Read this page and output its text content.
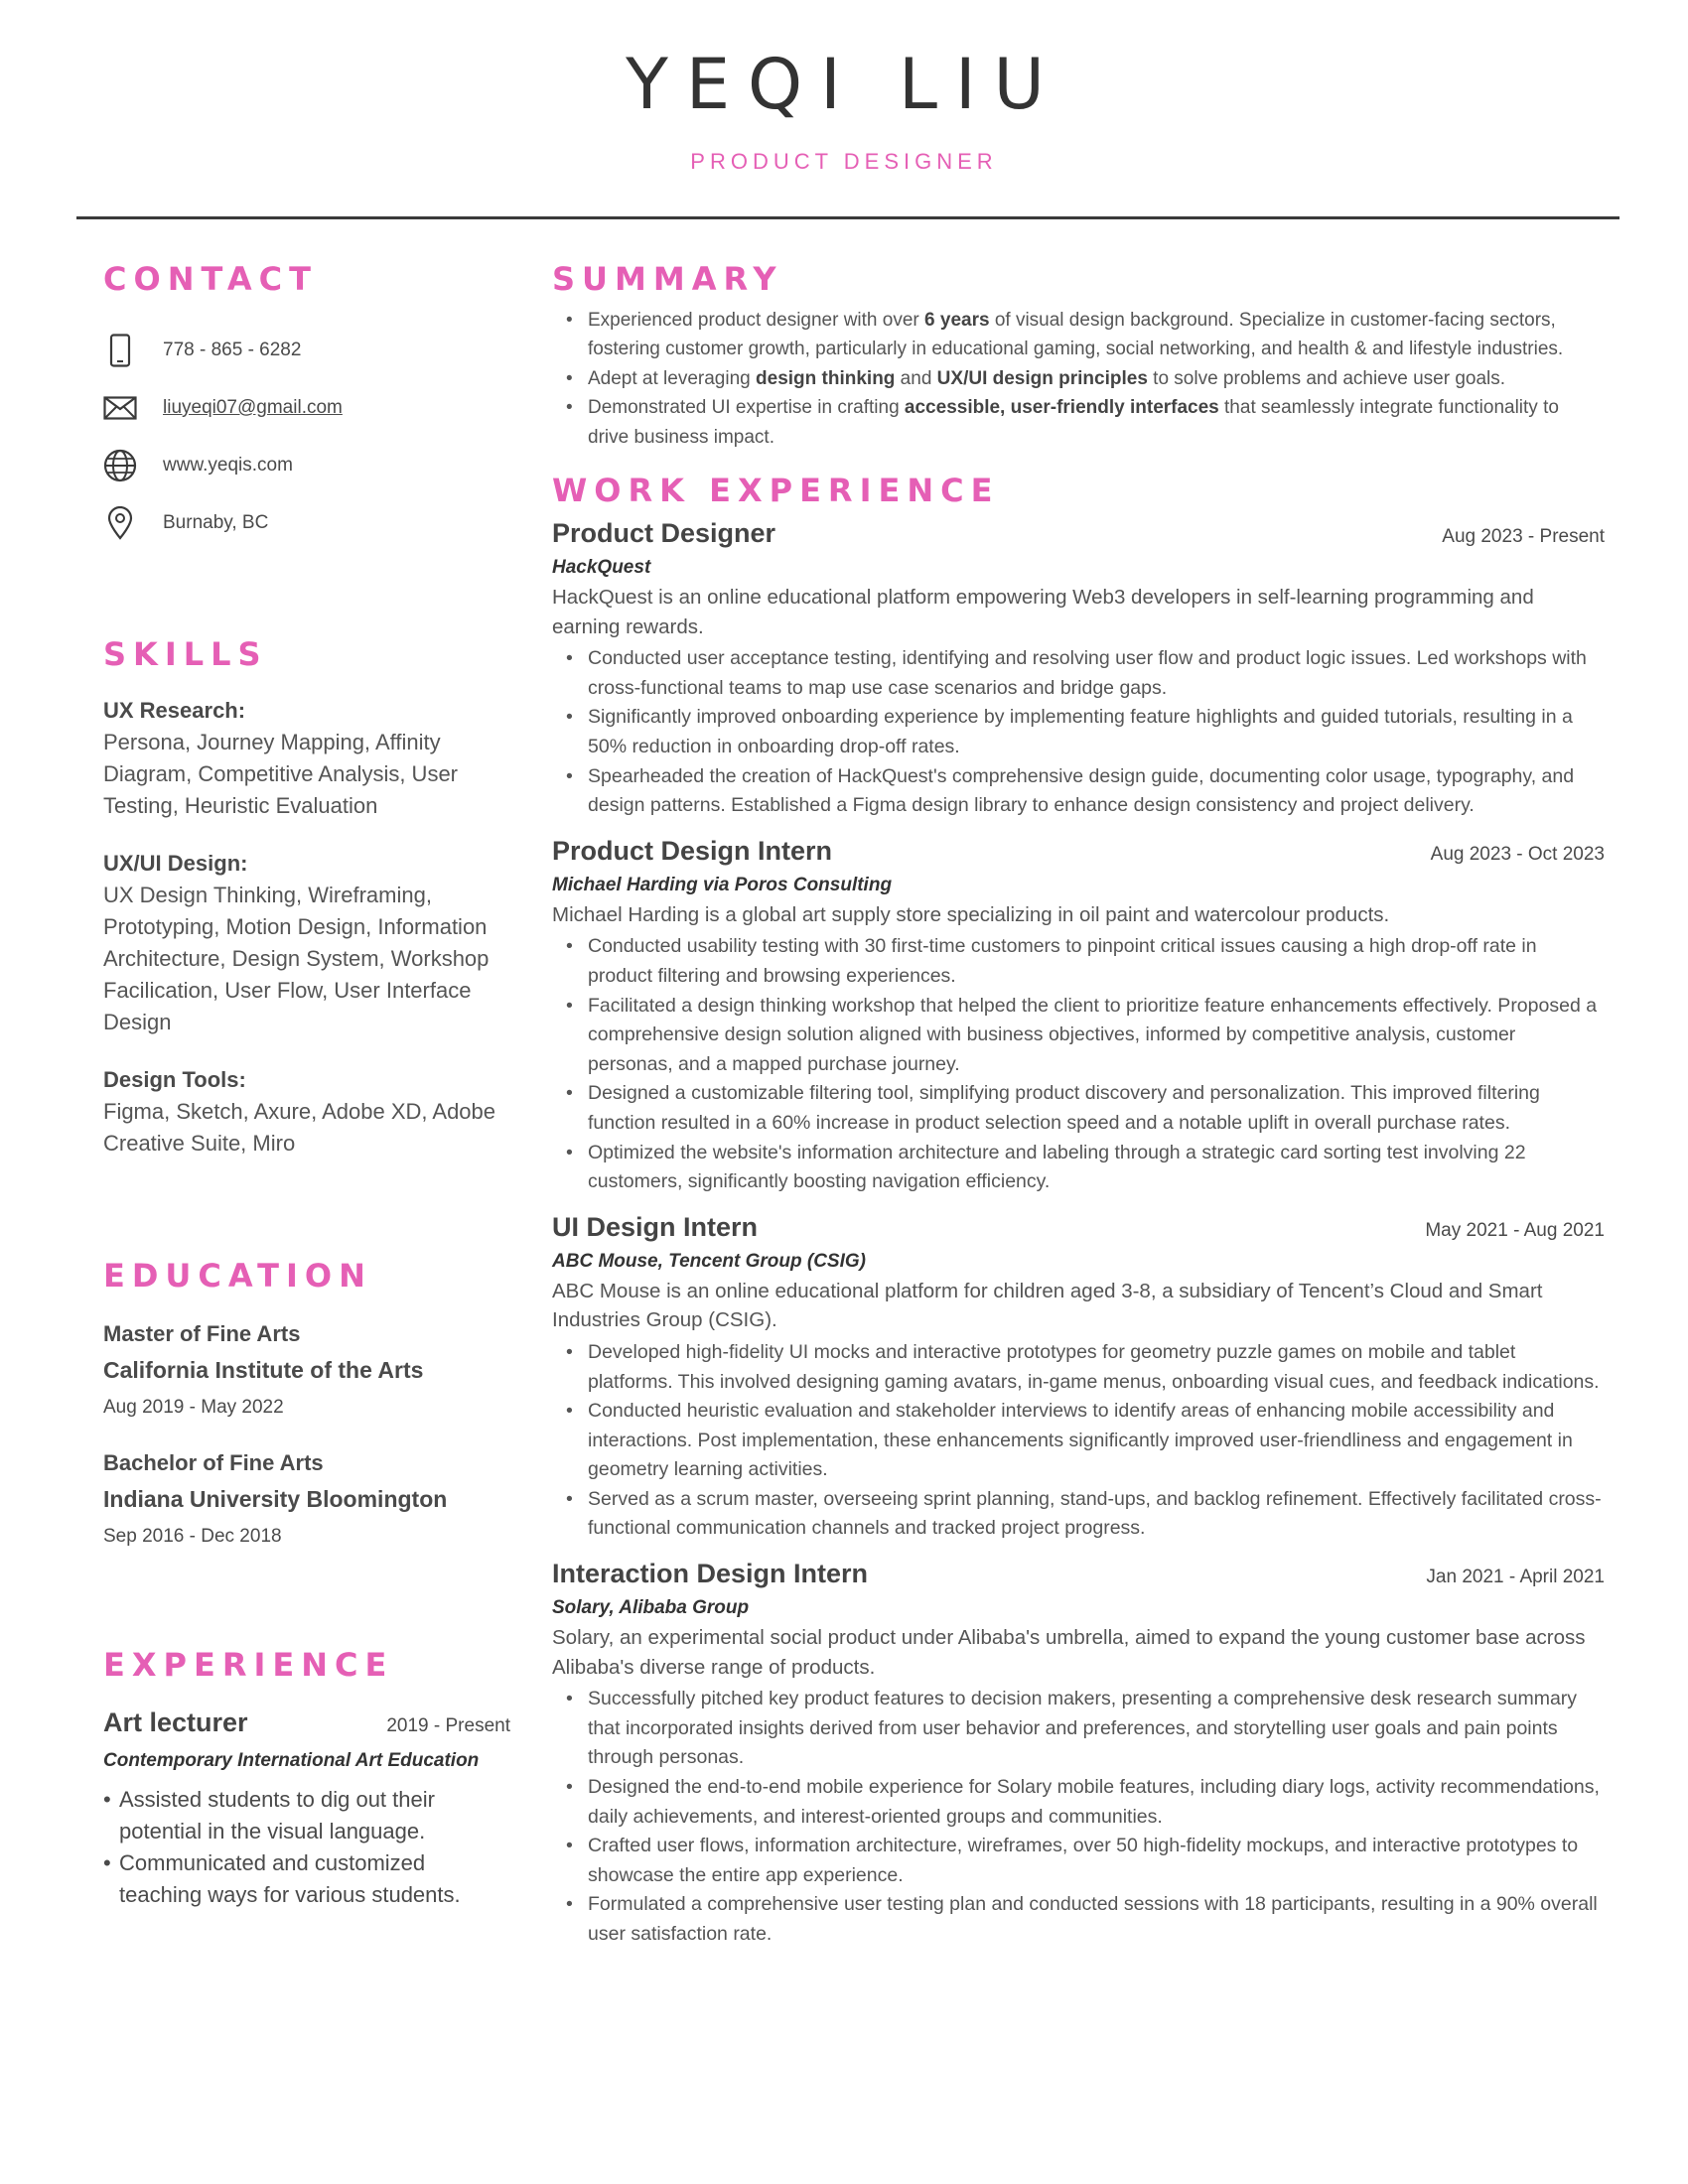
YEQI LIU
PRODUCT DESIGNER
CONTACT
778 - 865 - 6282
liuyeqi07@gmail.com
www.yeqis.com
Burnaby, BC
SKILLS
UX Research:
Persona, Journey Mapping, Affinity Diagram, Competitive Analysis, User Testing, Heuristic Evaluation
UX/UI Design:
UX Design Thinking, Wireframing, Prototyping, Motion Design, Information Architecture, Design System, Workshop Facilication, User Flow, User Interface Design
Design Tools:
Figma, Sketch, Axure, Adobe XD, Adobe Creative Suite, Miro
EDUCATION
Master of Fine Arts
California Institute of the Arts
Aug 2019 - May 2022
Bachelor of Fine Arts
Indiana University Bloomington
Sep 2016 - Dec 2018
EXPERIENCE
Art lecturer	2019 - Present
Contemporary International Art Education
• Assisted students to dig out their potential in the visual language.
• Communicated and customized teaching ways for various students.
SUMMARY
• Experienced product designer with over 6 years of visual design background. Specialize in customer-facing sectors, fostering customer growth, particularly in educational gaming, social networking, and health & and lifestyle industries.
• Adept at leveraging design thinking and UX/UI design principles to solve problems and achieve user goals.
• Demonstrated UI expertise in crafting accessible, user-friendly interfaces that seamlessly integrate functionality to drive business impact.
WORK EXPERIENCE
Product Designer	Aug 2023 - Present
HackQuest
HackQuest is an online educational platform empowering Web3 developers in self-learning programming and earning rewards.
• Conducted user acceptance testing, identifying and resolving user flow and product logic issues. Led workshops with cross-functional teams to map use case scenarios and bridge gaps.
• Significantly improved onboarding experience by implementing feature highlights and guided tutorials, resulting in a 50% reduction in onboarding drop-off rates.
• Spearheaded the creation of HackQuest's comprehensive design guide, documenting color usage, typography, and design patterns. Established a Figma design library to enhance design consistency and project delivery.
Product Design Intern	Aug 2023 - Oct 2023
Michael Harding via Poros Consulting
Michael Harding is a global art supply store specializing in oil paint and watercolour products.
• Conducted usability testing with 30 first-time customers to pinpoint critical issues causing a high drop-off rate in product filtering and browsing experiences.
• Facilitated a design thinking workshop that helped the client to prioritize feature enhancements effectively. Proposed a comprehensive design solution aligned with business objectives, informed by competitive analysis, customer personas, and a mapped purchase journey.
• Designed a customizable filtering tool, simplifying product discovery and personalization. This improved filtering function resulted in a 60% increase in product selection speed and a notable uplift in overall purchase rates.
• Optimized the website's information architecture and labeling through a strategic card sorting test involving 22 customers, significantly boosting navigation efficiency.
UI Design Intern	May 2021 - Aug 2021
ABC Mouse, Tencent Group (CSIG)
ABC Mouse is an online educational platform for children aged 3-8, a subsidiary of Tencent’s Cloud and Smart Industries Group (CSIG).
• Developed high-fidelity UI mocks and interactive prototypes for geometry puzzle games on mobile and tablet platforms. This involved designing gaming avatars, in-game menus, onboarding visual cues, and feedback indications.
• Conducted heuristic evaluation and stakeholder interviews to identify areas of enhancing mobile accessibility and interactions. Post implementation, these enhancements significantly improved user-friendliness and engagement in geometry learning activities.
• Served as a scrum master, overseeing sprint planning, stand-ups, and backlog refinement. Effectively facilitated cross-functional communication channels and tracked project progress.
Interaction Design Intern	Jan 2021 - April 2021
Solary, Alibaba Group
Solary, an experimental social product under Alibaba's umbrella, aimed to expand the young customer base across Alibaba's diverse range of products.
• Successfully pitched key product features to decision makers, presenting a comprehensive desk research summary that incorporated insights derived from user behavior and preferences, and storytelling user goals and pain points through personas.
• Designed the end-to-end mobile experience for Solary mobile features, including diary logs, activity recommendations, daily achievements, and interest-oriented groups and communities.
• Crafted user flows, information architecture, wireframes, over 50 high-fidelity mockups, and interactive prototypes to showcase the entire app experience.
• Formulated a comprehensive user testing plan and conducted sessions with 18 participants, resulting in a 90% overall user satisfaction rate.
